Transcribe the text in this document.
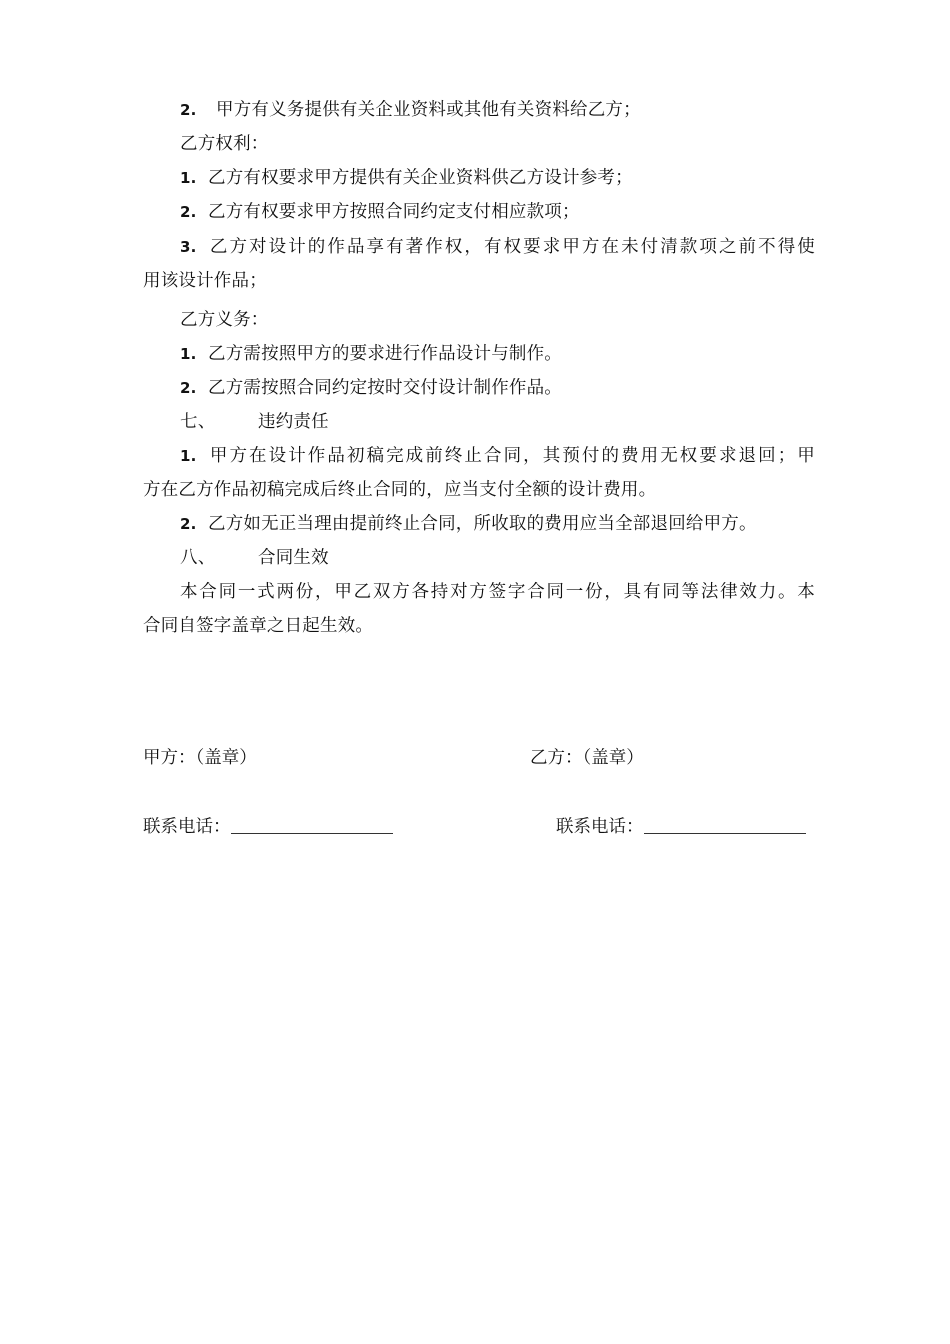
2. 甲方有义务提供有关企业资料或其他有关资料给乙方；
乙方权利：
1. 乙方有权要求甲方提供有关企业资料供乙方设计参考；
2. 乙方有权要求甲方按照合同约定支付相应款项；
3. 乙方对设计的作品享有著作权，有权要求甲方在未付清款项之前不得使
用该设计作品；
乙方义务：
1. 乙方需按照甲方的要求进行作品设计与制作。
2. 乙方需按照合同约定按时交付设计制作作品。
七、 违约责任
1. 甲方在设计作品初稿完成前终止合同，其预付的费用无权要求退回；甲
方在乙方作品初稿完成后终止合同的，应当支付全额的设计费用。
2. 乙方如无正当理由提前终止合同，所收取的费用应当全部退回给甲方。
八、 合同生效
本合同一式两份，甲乙双方各持对方签字合同一份，具有同等法律效力。本
合同自签字盖章之日起生效。
甲方：（盖章）	乙方：（盖章）
联系电话：	联系电话：
